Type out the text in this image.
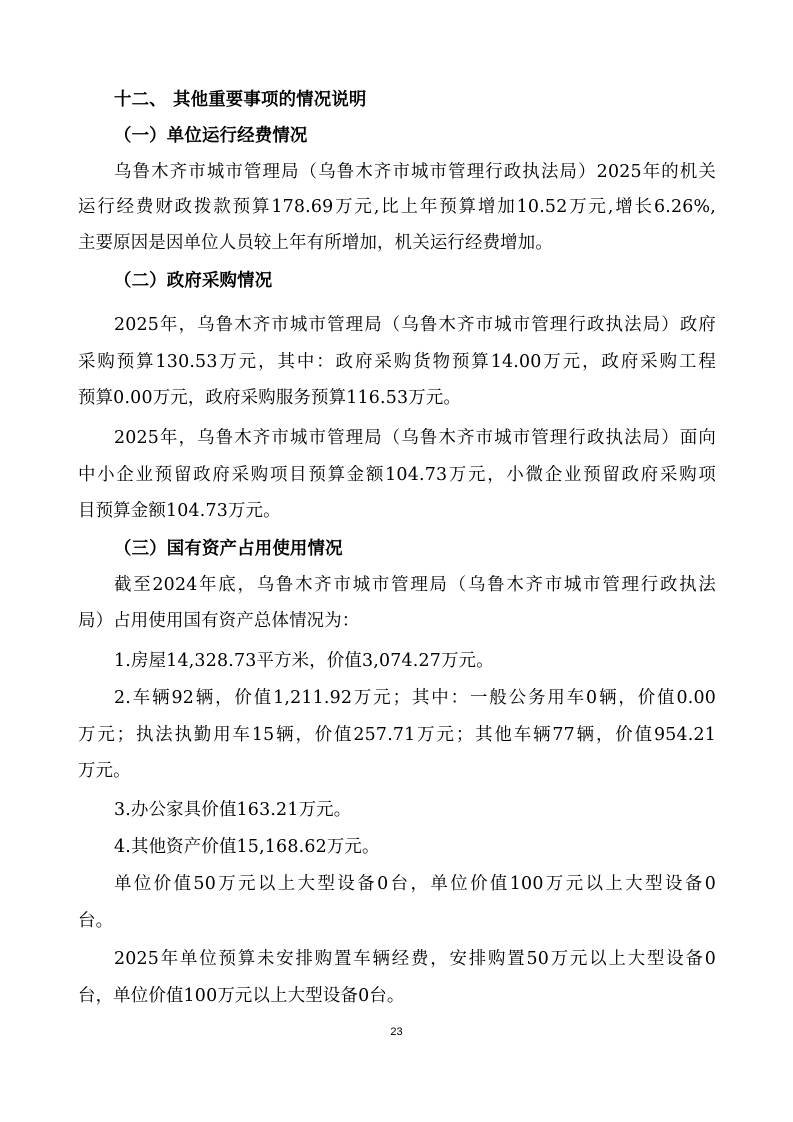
十二、 其他重要事项的情况说明
（一）单位运行经费情况
乌鲁木齐市城市管理局（乌鲁木齐市城市管理行政执法局）2025年的机关
运行经费财政拨款预算178.69万元,比上年预算增加10.52万元,增长6.26%,
主要原因是因单位人员较上年有所增加，机关运行经费增加。
（二）政府采购情况
2025年，乌鲁木齐市城市管理局（乌鲁木齐市城市管理行政执法局）政府
采购预算130.53万元，其中：政府采购货物预算14.00万元，政府采购工程
预算0.00万元，政府采购服务预算116.53万元。
2025年，乌鲁木齐市城市管理局（乌鲁木齐市城市管理行政执法局）面向
中小企业预留政府采购项目预算金额104.73万元，小微企业预留政府采购项
目预算金额104.73万元。
（三）国有资产占用使用情况
截至2024年底，乌鲁木齐市城市管理局（乌鲁木齐市城市管理行政执法
局）占用使用国有资产总体情况为：
1.房屋14,328.73平方米，价值3,074.27万元。
2.车辆92辆，价值1,211.92万元；其中：一般公务用车0辆，价值0.00
万元；执法执勤用车15辆，价值257.71万元；其他车辆77辆，价值954.21
万元。
3.办公家具价值163.21万元。
4.其他资产价值15,168.62万元。
单位价值50万元以上大型设备0台，单位价值100万元以上大型设备0
台。
2025年单位预算未安排购置车辆经费，安排购置50万元以上大型设备0
台，单位价值100万元以上大型设备0台。
23
